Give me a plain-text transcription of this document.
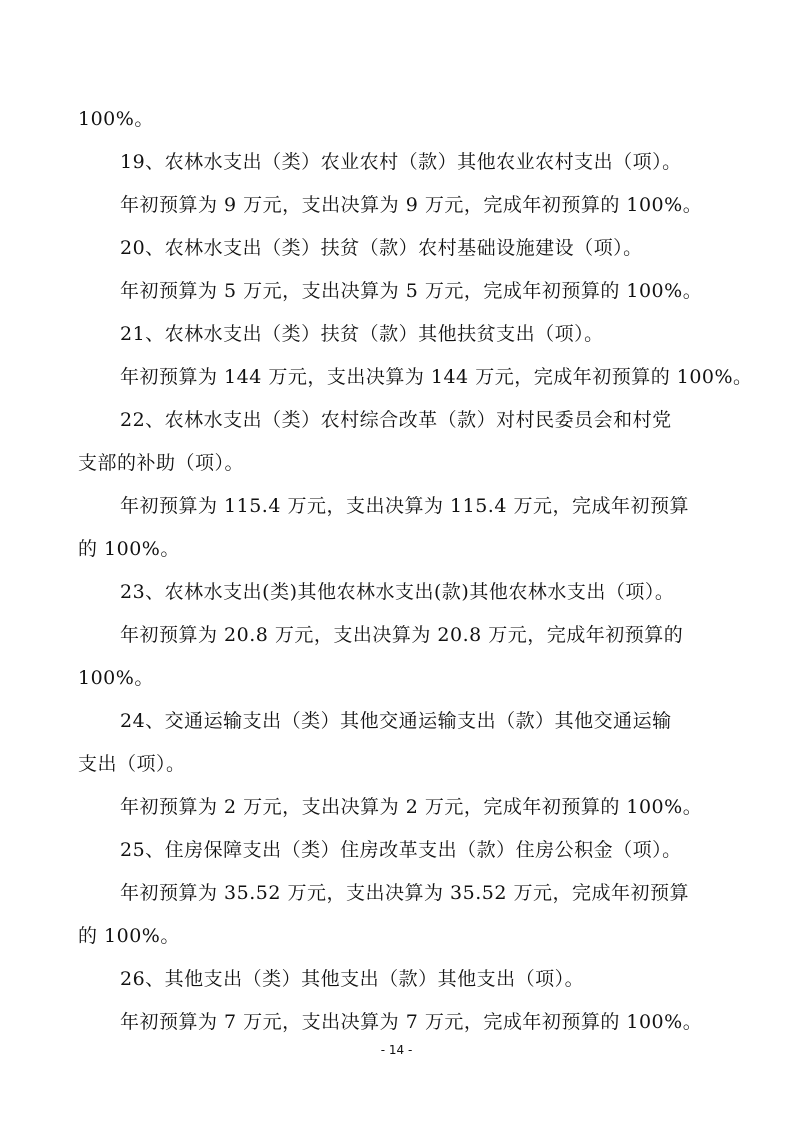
100%。
19、农林水支出（类）农业农村（款）其他农业农村支出（项）。
年初预算为 9 万元，支出决算为 9 万元，完成年初预算的 100%。
20、农林水支出（类）扶贫（款）农村基础设施建设（项）。
年初预算为 5 万元，支出决算为 5 万元，完成年初预算的 100%。
21、农林水支出（类）扶贫（款）其他扶贫支出（项）。
年初预算为 144 万元，支出决算为 144 万元，完成年初预算的 100%。
22、农林水支出（类）农村综合改革（款）对村民委员会和村党
支部的补助（项）。
年初预算为 115.4 万元，支出决算为 115.4 万元，完成年初预算
的 100%。
23、农林水支出(类)其他农林水支出(款)其他农林水支出（项）。
年初预算为 20.8 万元，支出决算为 20.8 万元，完成年初预算的
100%。
24、交通运输支出（类）其他交通运输支出（款）其他交通运输
支出（项）。
年初预算为 2 万元，支出决算为 2 万元，完成年初预算的 100%。
25、住房保障支出（类）住房改革支出（款）住房公积金（项）。
年初预算为 35.52 万元，支出决算为 35.52 万元，完成年初预算
的 100%。
26、其他支出（类）其他支出（款）其他支出（项）。
年初预算为 7 万元，支出决算为 7 万元，完成年初预算的 100%。
- 14 -
